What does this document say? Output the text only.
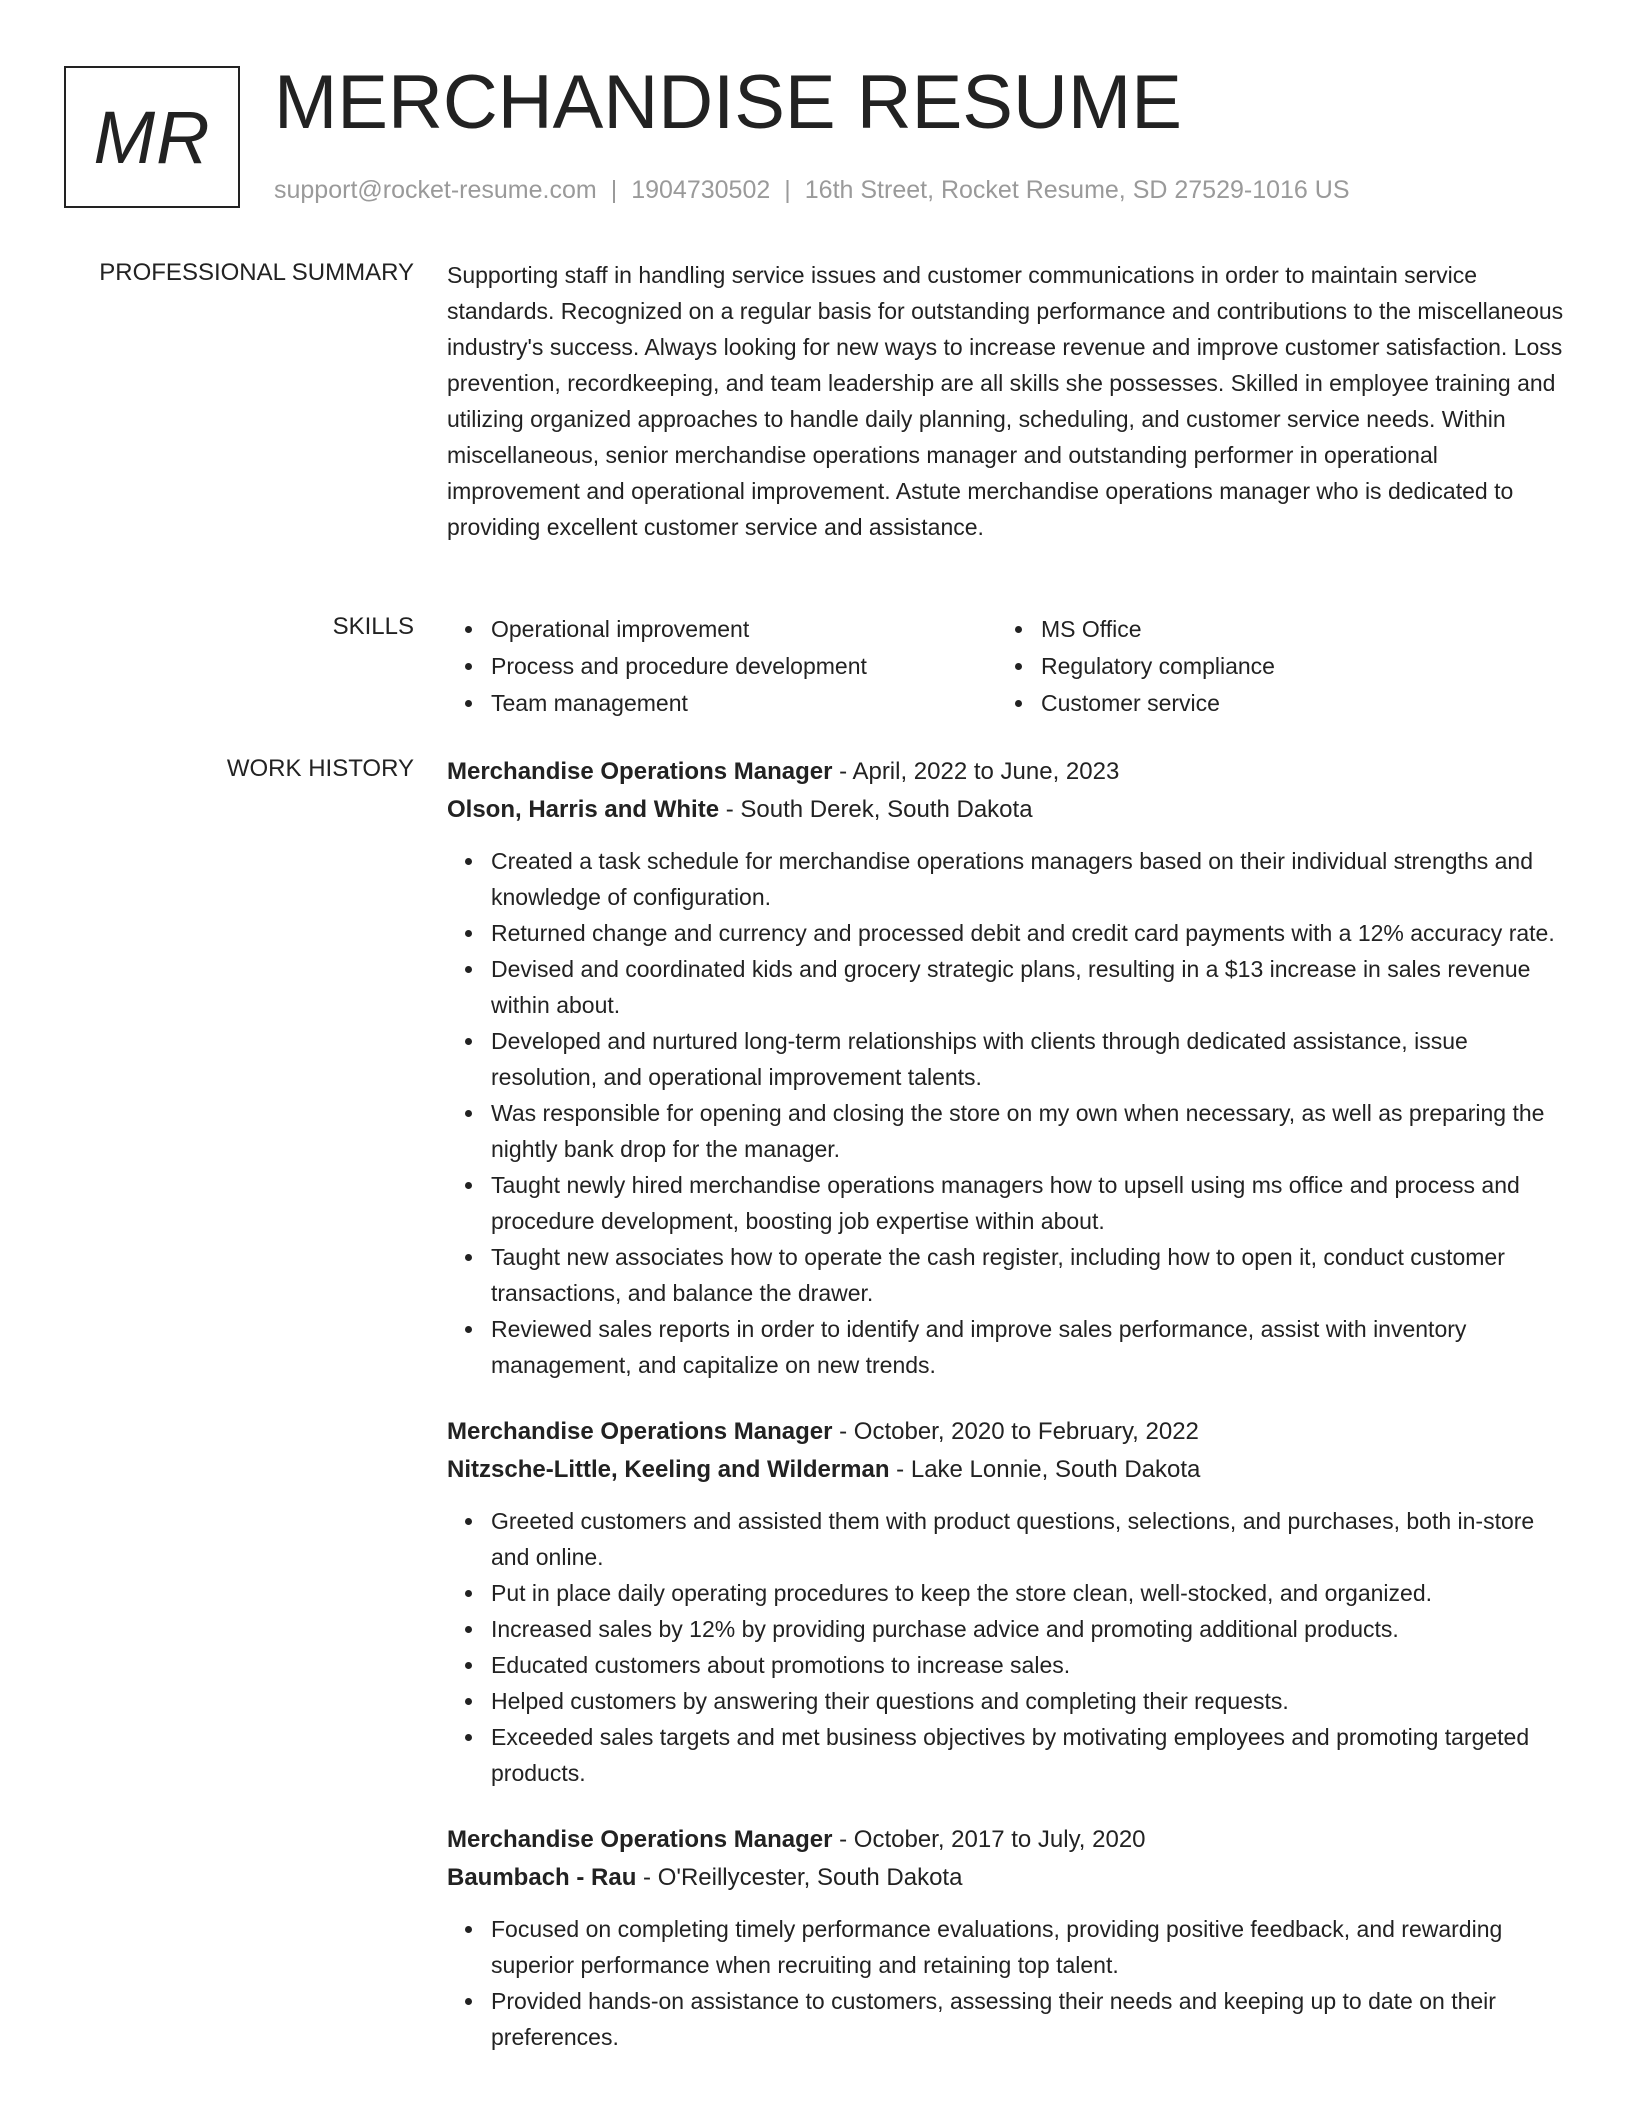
MR MERCHANDISE RESUME
support@rocket-resume.com | 1904730502 | 16th Street, Rocket Resume, SD 27529-1016 US
PROFESSIONAL SUMMARY Supporting staff in handling service issues and customer communications in order to maintain service standards. Recognized on a regular basis for outstanding performance and contributions to the miscellaneous industry's success. Always looking for new ways to increase revenue and improve customer satisfaction. Loss prevention, recordkeeping, and team leadership are all skills she possesses. Skilled in employee training and utilizing organized approaches to handle daily planning, scheduling, and customer service needs. Within miscellaneous, senior merchandise operations manager and outstanding performer in operational improvement and operational improvement. Astute merchandise operations manager who is dedicated to providing excellent customer service and assistance.

SKILLS	Operational improvement
Process and procedure development
Team management
MS Office
Regulatory compliance
Customer service
WORK HISTORY Merchandise Operations Manager - April, 2022 to June, 2023
Olson, Harris and White - South Derek, South Dakota
Created a task schedule for merchandise operations managers based on their individual strengths and knowledge of configuration.
Returned change and currency and processed debit and credit card payments with a 12% accuracy rate.
Devised and coordinated kids and grocery strategic plans, resulting in a $13 increase in sales revenue within about.
Developed and nurtured long-term relationships with clients through dedicated assistance, issue resolution, and operational improvement talents.
Was responsible for opening and closing the store on my own when necessary, as well as preparing the nightly bank drop for the manager.
Taught newly hired merchandise operations managers how to upsell using ms office and process and procedure development, boosting job expertise within about.
Taught new associates how to operate the cash register, including how to open it, conduct customer transactions, and balance the drawer.
Reviewed sales reports in order to identify and improve sales performance, assist with inventory management, and capitalize on new trends.
Merchandise Operations Manager - October, 2020 to February, 2022
Nitzsche-Little, Keeling and Wilderman - Lake Lonnie, South Dakota
Greeted customers and assisted them with product questions, selections, and purchases, both in-store and online.
Put in place daily operating procedures to keep the store clean, well-stocked, and organized.
Increased sales by 12% by providing purchase advice and promoting additional products.
Educated customers about promotions to increase sales.
Helped customers by answering their questions and completing their requests.
Exceeded sales targets and met business objectives by motivating employees and promoting targeted products.
Merchandise Operations Manager - October, 2017 to July, 2020
Baumbach - Rau - O'Reillycester, South Dakota
Focused on completing timely performance evaluations, providing positive feedback, and rewarding superior performance when recruiting and retaining top talent.
Provided hands-on assistance to customers, assessing their needs and keeping up to date on their preferences.
